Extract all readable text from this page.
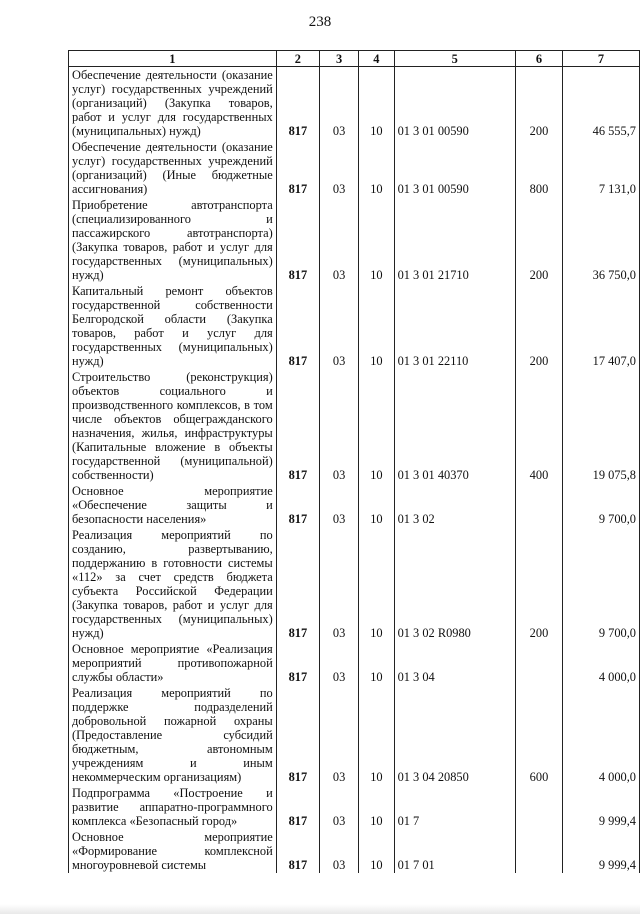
238
1	2	3	4	5	6	7
Обеспечение деятельности (оказание услуг) государственных учреждений (организаций) (Закупка товаров, работ и услуг для государственных (муниципальных) нужд)	817	03	10	01 3 01 00590	200	46 555,7
Обеспечение деятельности (оказание услуг) государственных учреждений (организаций) (Иные бюджетные ассигнования)	817	03	10	01 3 01 00590	800	7 131,0
Приобретение автотранспорта (специализированного и пассажирского автотранспорта) (Закупка товаров, работ и услуг для государственных (муниципальных) нужд)	817	03	10	01 3 01 21710	200	36 750,0
Капитальный ремонт объектов государственной собственности Белгородской области (Закупка товаров, работ и услуг для государственных (муниципальных) нужд)	817	03	10	01 3 01 22110	200	17 407,0
Строительство (реконструкция) объектов социального и производственного комплексов, в том числе объектов общегражданского назначения, жилья, инфраструктуры (Капитальные вложение в объекты государственной (муниципальной) собственности)	817	03	10	01 3 01 40370	400	19 075,8
Основное мероприятие «Обеспечение защиты и безопасности населения»	817	03	10	01 3 02		9 700,0
Реализация мероприятий по созданию, развертыванию, поддержанию в готовности системы «112» за счет средств бюджета субъекта Российской Федерации (Закупка товаров, работ и услуг для государственных (муниципальных) нужд)	817	03	10	01 3 02 R0980	200	9 700,0
Основное мероприятие «Реализация мероприятий противопожарной службы области»	817	03	10	01 3 04		4 000,0
Реализация мероприятий по поддержке подразделений добровольной пожарной охраны (Предоставление субсидий бюджетным, автономным учреждениям и иным некоммерческим организациям)	817	03	10	01 3 04 20850	600	4 000,0
Подпрограмма «Построение и развитие аппаратно-программного комплекса «Безопасный город»	817	03	10	01 7		9 999,4
Основное мероприятие «Формирование комплексной многоуровневой системы	817	03	10	01 7 01		9 999,4
